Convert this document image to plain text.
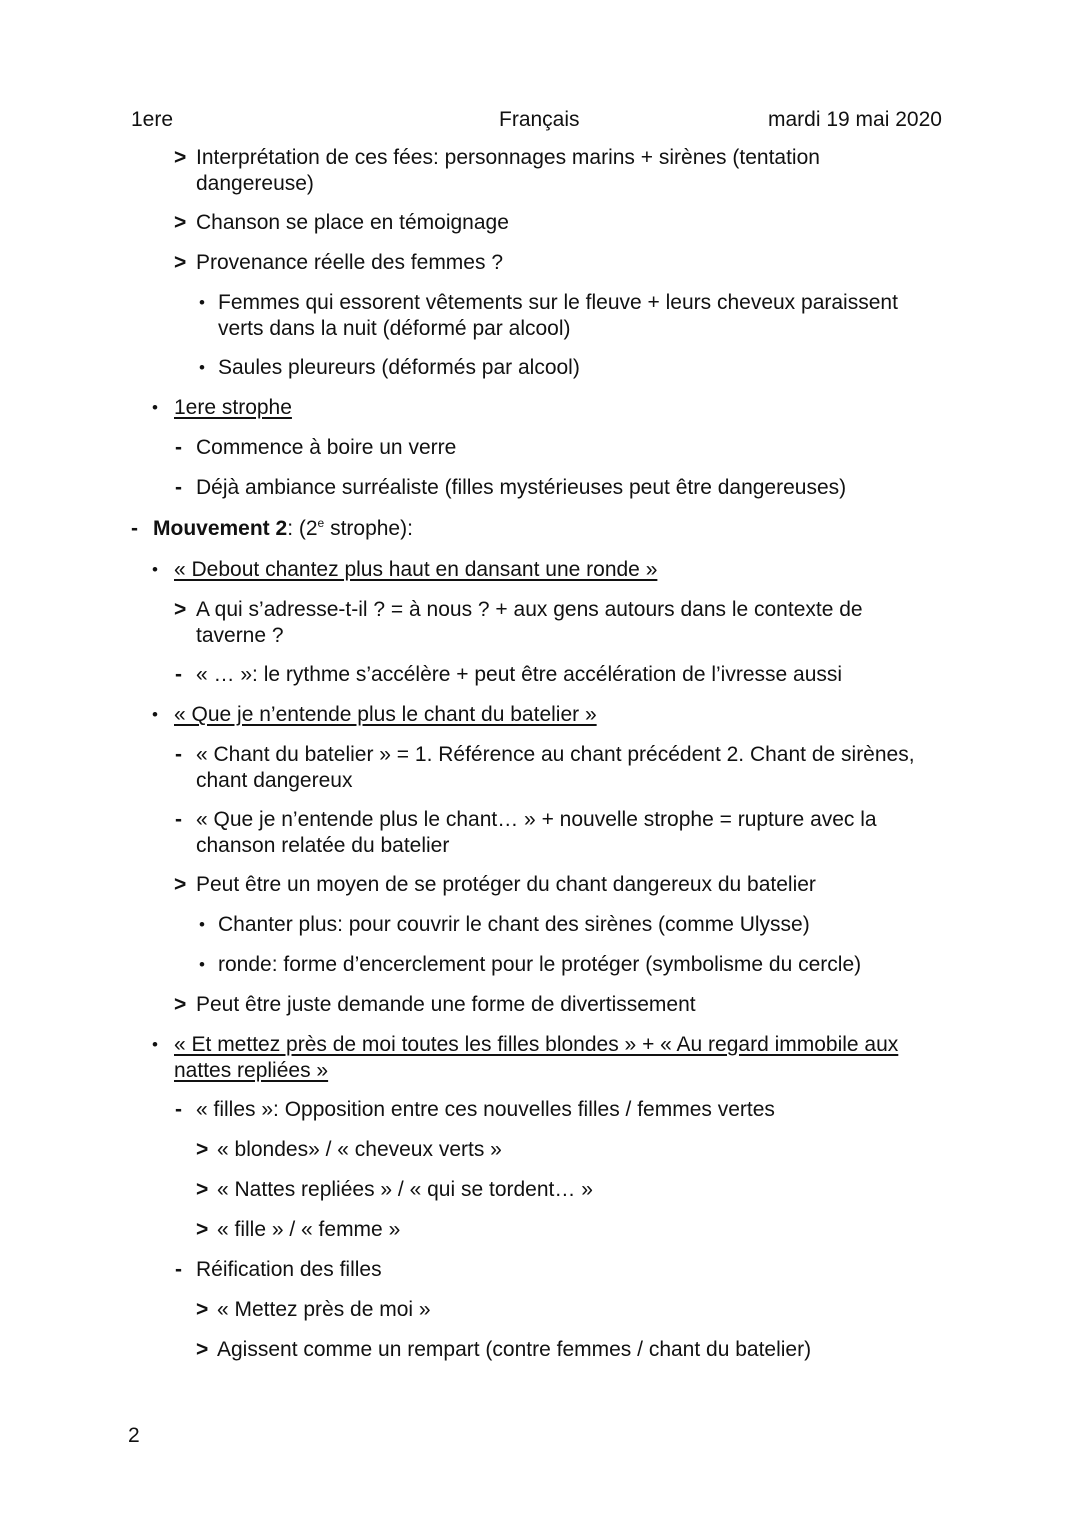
1ere	Français	mardi 19 mai 2020
> Interprétation de ces fées: personnages marins + sirènes (tentation
dangereuse)
> Chanson se place en témoignage
> Provenance réelle des femmes ?
• Femmes qui essorent vêtements sur le fleuve + leurs cheveux paraissent
verts dans la nuit (déformé par alcool)
• Saules pleureurs (déformés par alcool)
• 1ere strophe
- Commence à boire un verre
- Déjà ambiance surréaliste (filles mystérieuses peut être dangereuses)
- Mouvement 2: (2e strophe):
• « Debout chantez plus haut en dansant une ronde »
> A qui s’adresse-t-il ? = à nous ? + aux gens autours dans le contexte de
taverne ?
- « … »: le rythme s’accélère + peut être accélération de l’ivresse aussi
• « Que je n’entende plus le chant du batelier »
- « Chant du batelier » = 1. Référence au chant précédent 2. Chant de sirènes,
chant dangereux
- « Que je n’entende plus le chant… » + nouvelle strophe = rupture avec la
chanson relatée du batelier
> Peut être un moyen de se protéger du chant dangereux du batelier
• Chanter plus: pour couvrir le chant des sirènes (comme Ulysse)
• ronde: forme d’encerclement pour le protéger (symbolisme du cercle)
> Peut être juste demande une forme de divertissement
• « Et mettez près de moi toutes les filles blondes » + « Au regard immobile aux
nattes repliées »
- « filles »: Opposition entre ces nouvelles filles / femmes vertes
> « blondes» / « cheveux verts »
> « Nattes repliées » / « qui se tordent… »
> « fille » / « femme »
- Réification des filles
> « Mettez près de moi »
> Agissent comme un rempart (contre femmes / chant du batelier)
2
